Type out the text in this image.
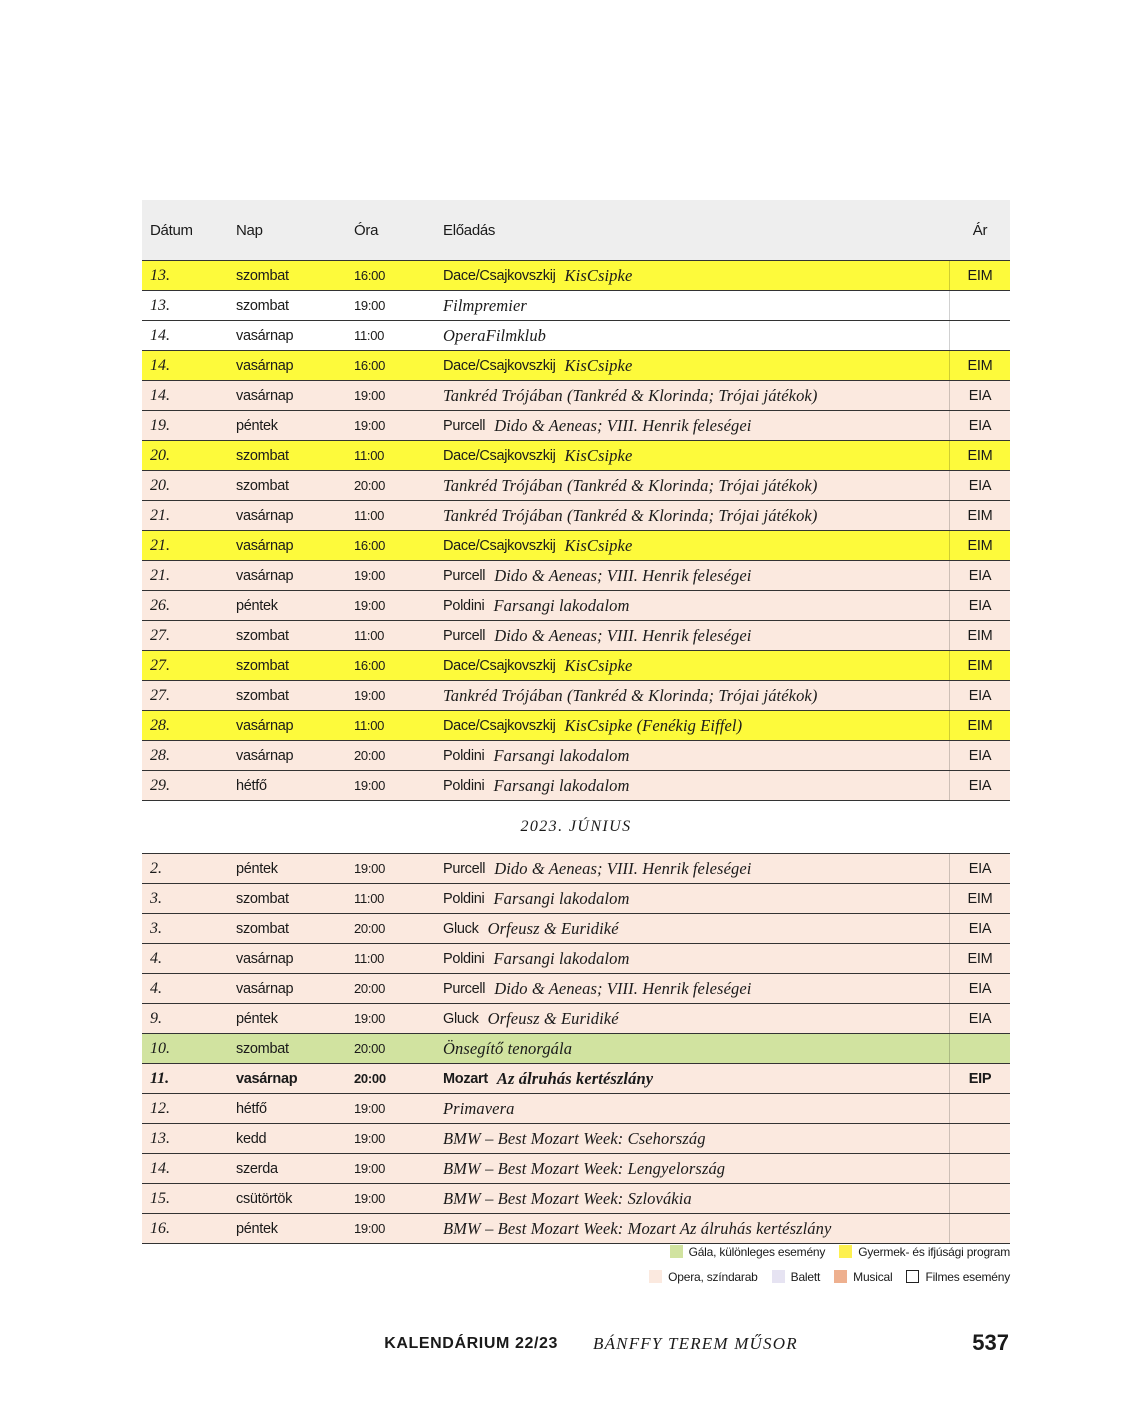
Dátum	Nap	Óra	Előadás	Ár
13.	szombat	16:00	Dace/Csajkovszkij KisCsipke	EIM
13.	szombat	19:00	Filmpremier
14.	vasárnap	11:00	OperaFilmklub
14.	vasárnap	16:00	Dace/Csajkovszkij KisCsipke	EIM
14.	vasárnap	19:00	Tankréd Trójában (Tankréd & Klorinda; Trójai játékok)	EIA
19.	péntek	19:00	Purcell Dido & Aeneas; VIII. Henrik feleségei	EIA
20.	szombat	11:00	Dace/Csajkovszkij KisCsipke	EIM
20.	szombat	20:00	Tankréd Trójában (Tankréd & Klorinda; Trójai játékok)	EIA
21.	vasárnap	11:00	Tankréd Trójában (Tankréd & Klorinda; Trójai játékok)	EIM
21.	vasárnap	16:00	Dace/Csajkovszkij KisCsipke	EIM
21.	vasárnap	19:00	Purcell Dido & Aeneas; VIII. Henrik feleségei	EIA
26.	péntek	19:00	Poldini Farsangi lakodalom	EIA
27.	szombat	11:00	Purcell Dido & Aeneas; VIII. Henrik feleségei	EIM
27.	szombat	16:00	Dace/Csajkovszkij KisCsipke	EIM
27.	szombat	19:00	Tankréd Trójában (Tankréd & Klorinda; Trójai játékok)	EIA
28.	vasárnap	11:00	Dace/Csajkovszkij KisCsipke (Fenékig Eiffel)	EIM
28.	vasárnap	20:00	Poldini Farsangi lakodalom	EIA
29.	hétfő	19:00	Poldini Farsangi lakodalom	EIA
2023. JÚNIUS
2.	péntek	19:00	Purcell Dido & Aeneas; VIII. Henrik feleségei	EIA
3.	szombat	11:00	Poldini Farsangi lakodalom	EIM
3.	szombat	20:00	Gluck Orfeusz & Euridiké	EIA
4.	vasárnap	11:00	Poldini Farsangi lakodalom	EIM
4.	vasárnap	20:00	Purcell Dido & Aeneas; VIII. Henrik feleségei	EIA
9.	péntek	19:00	Gluck Orfeusz & Euridiké	EIA
10.	szombat	20:00	Önsegítő tenorgála
11.	vasárnap	20:00	Mozart Az álruhás kertészlány	EIP
12.	hétfő	19:00	Primavera
13.	kedd	19:00	BMW – Best Mozart Week: Csehország
14.	szerda	19:00	BMW – Best Mozart Week: Lengyelország
15.	csütörtök	19:00	BMW – Best Mozart Week: Szlovákia
16.	péntek	19:00	BMW – Best Mozart Week: Mozart Az álruhás kertészlány
Gála, különleges esemény	Gyermek- és ifjúsági program
Opera, színdarab	Balett	Musical	Filmes esemény
KALENDÁRIUM 22/23 BÁNFFY TEREM MŰSOR	537
